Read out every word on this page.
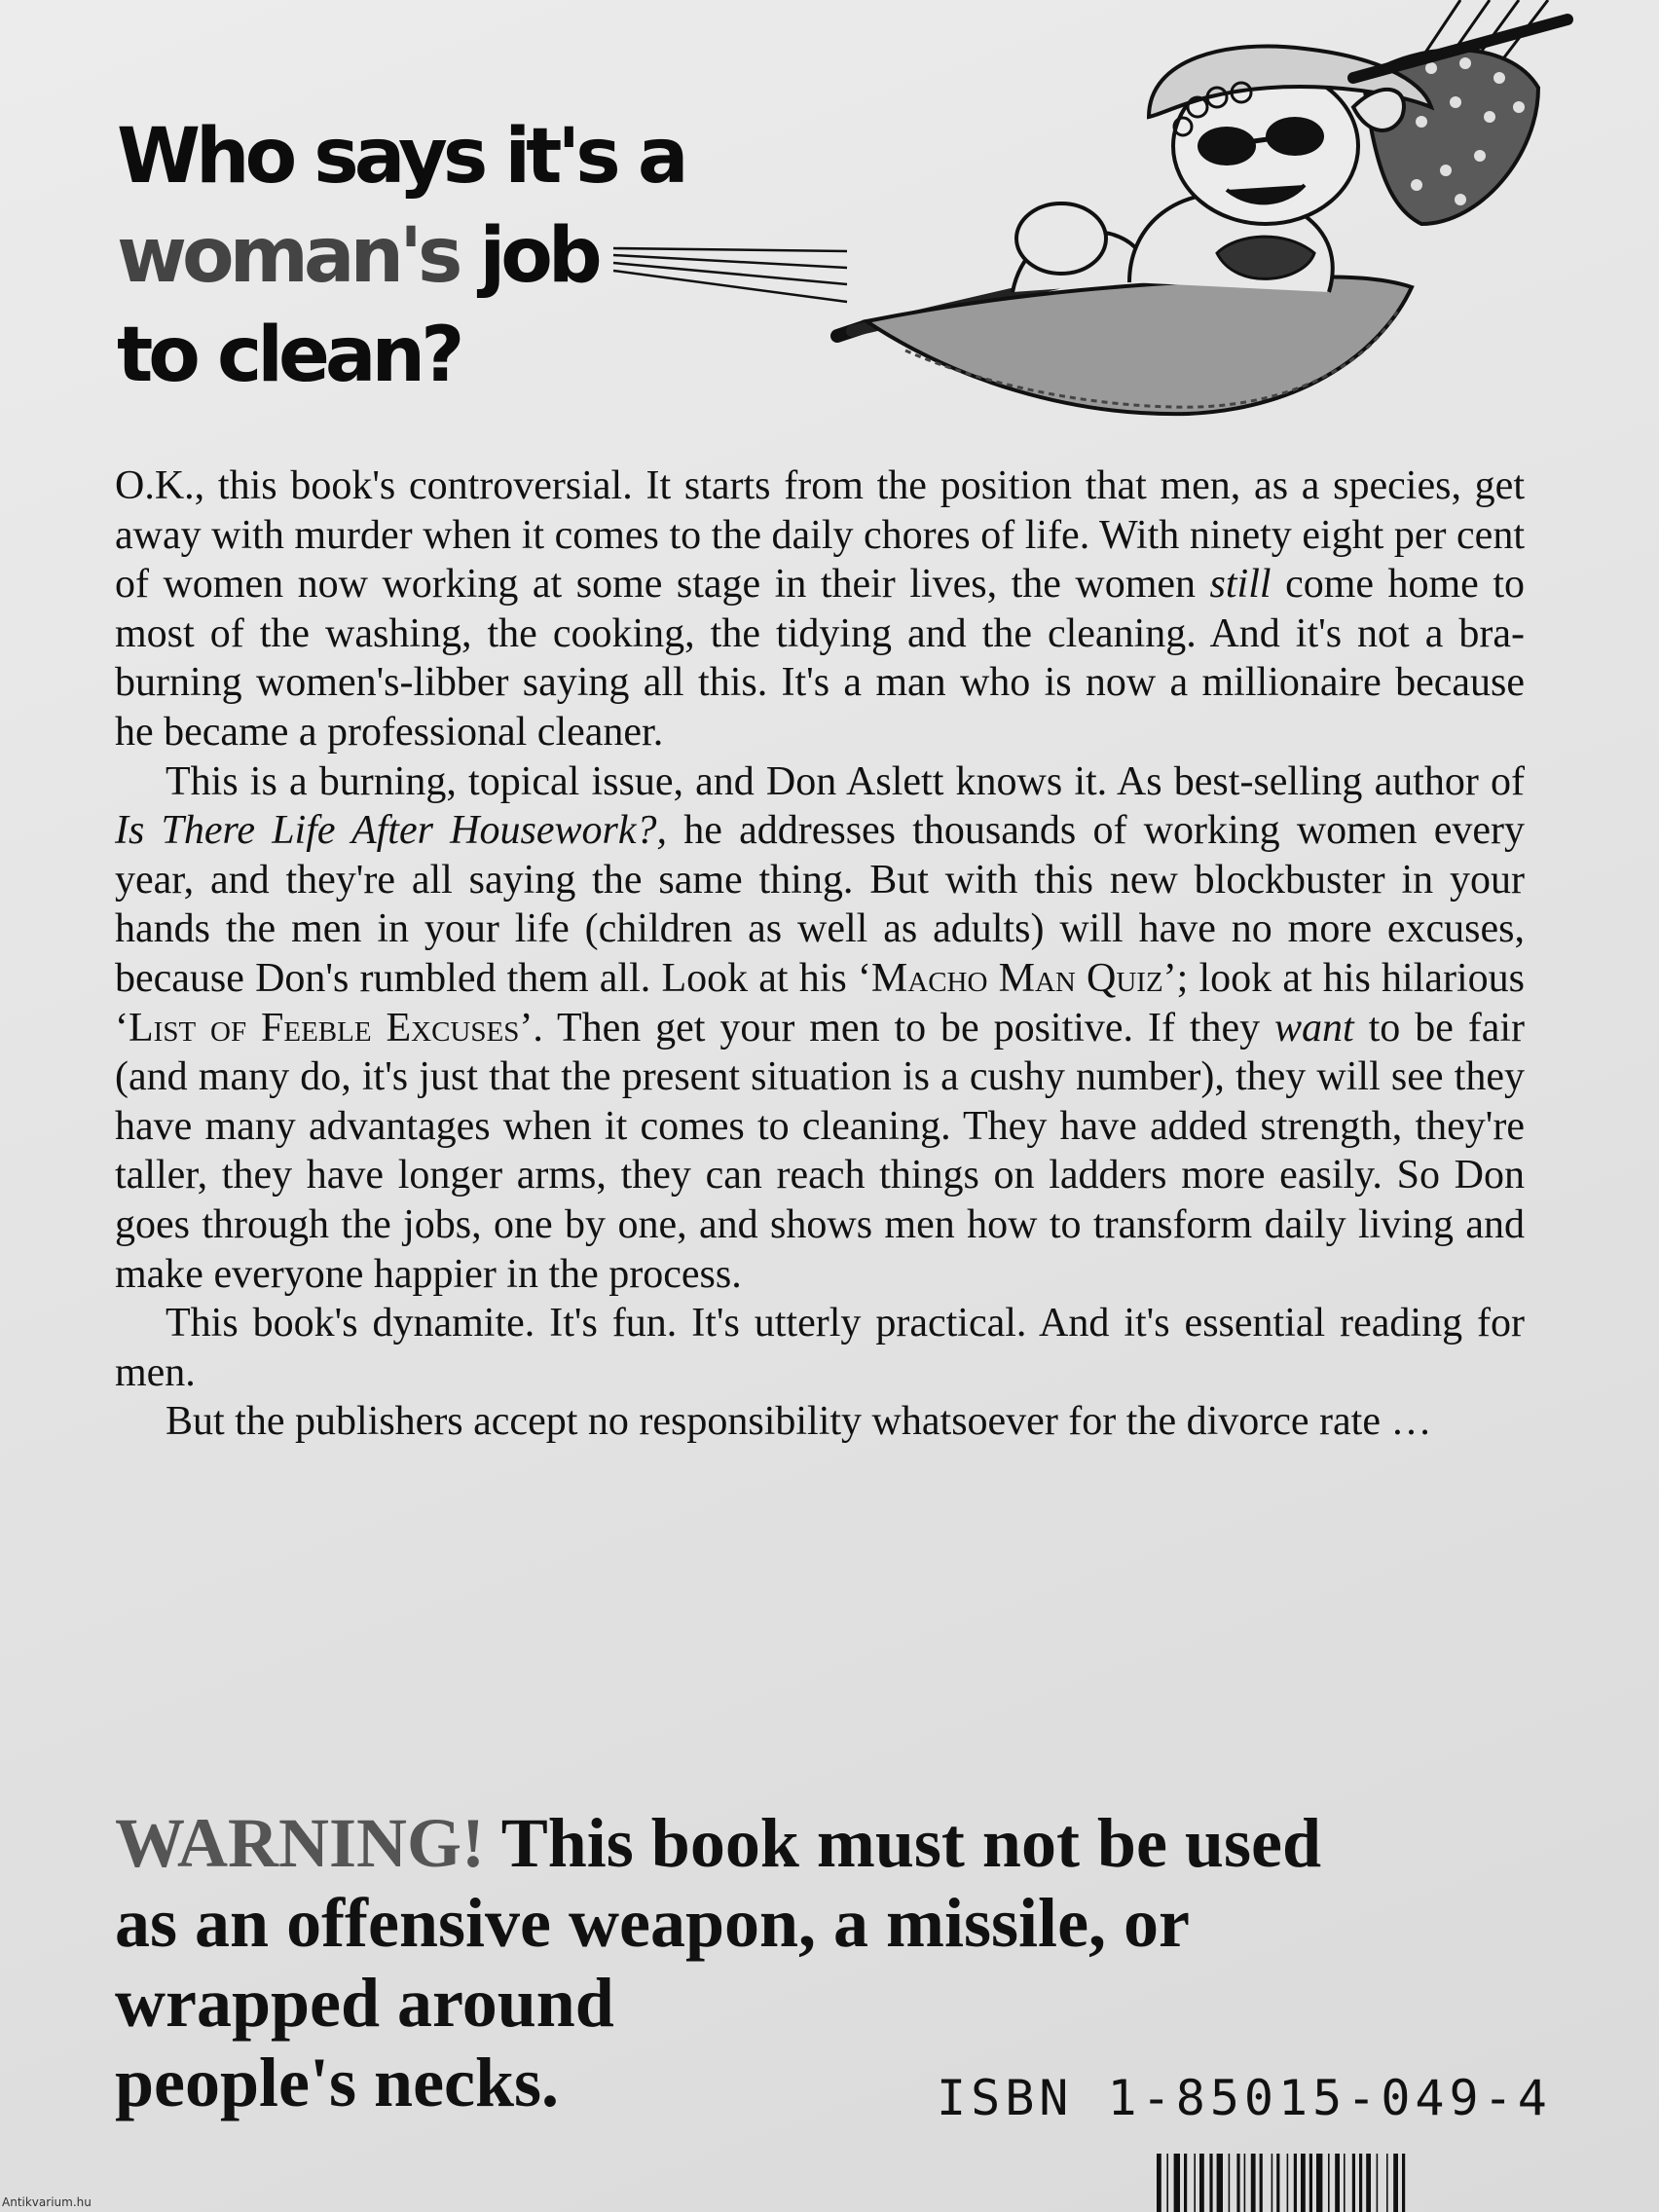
Who says it's a
woman's job
to clean?

O.K., this book's controversial. It starts from the position that men, as a species, get away with murder when it comes to the daily chores of life. With ninety eight per cent of women now working at some stage in their lives, the women still come home to most of the washing, the cooking, the tidying and the cleaning. And it's not a bra-burning women's-libber saying all this. It's a man who is now a millionaire because he became a professional cleaner.

This is a burning, topical issue, and Don Aslett knows it. As best-selling author of Is There Life After Housework?, he addresses thousands of working women every year, and they're all saying the same thing. But with this new blockbuster in your hands the men in your life (children as well as adults) will have no more excuses, because Don's rumbled them all. Look at his ‘Macho Man Quiz’; look at his hilarious ‘List of Feeble Excuses’. Then get your men to be positive. If they want to be fair (and many do, it's just that the present situation is a cushy number), they will see they have many advantages when it comes to cleaning. They have added strength, they're taller, they have longer arms, they can reach things on ladders more easily. So Don goes through the jobs, one by one, and shows men how to transform daily living and make everyone happier in the process.

This book's dynamite. It's fun. It's utterly practical. And it's essential reading for men.

But the publishers accept no responsibility whatsoever for the divorce rate …

WARNING! This book must not be used
as an offensive weapon, a missile, or
wrapped around
people's necks.	ISBN 1-85015-049-4
Antikvarium.hu
